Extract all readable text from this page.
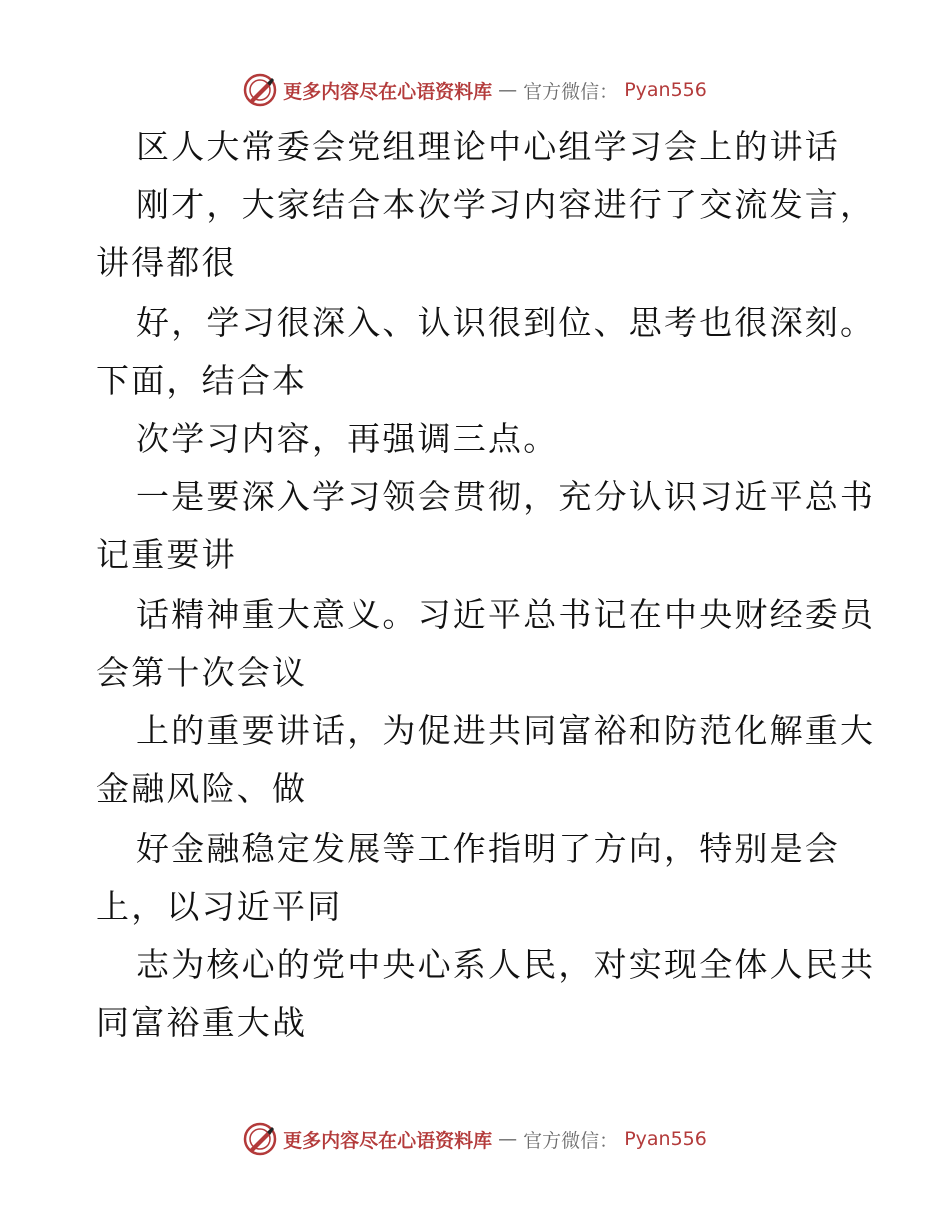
更多内容尽在心语资料库 — 官方微信： Pyan556
区人大常委会党组理论中心组学习会上的讲话
刚才，大家结合本次学习内容进行了交流发言，
讲得都很
好，学习很深入、认识很到位、思考也很深刻。
下面，结合本
次学习内容，再强调三点。
一是要深入学习领会贯彻，充分认识习近平总书
记重要讲
话精神重大意义。习近平总书记在中央财经委员
会第十次会议
上的重要讲话，为促进共同富裕和防范化解重大
金融风险、做
好金融稳定发展等工作指明了方向，特别是会
上，以习近平同
志为核心的党中央心系人民，对实现全体人民共
同富裕重大战
更多内容尽在心语资料库 — 官方微信： Pyan556
